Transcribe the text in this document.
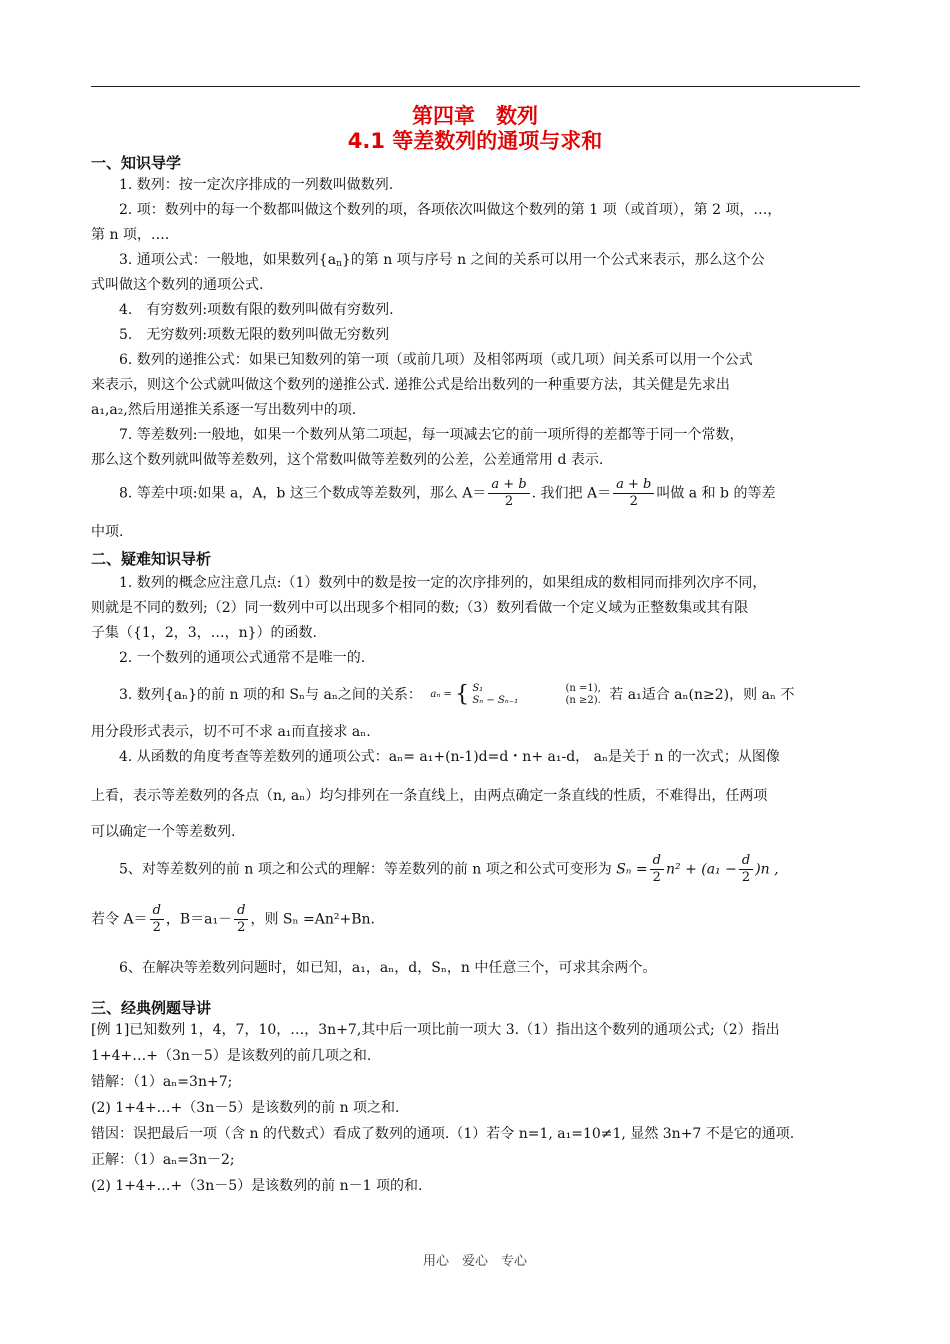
第四章　数列
4.1 等差数列的通项与求和
一、知识导学
1. 数列：按一定次序排成的一列数叫做数列.
2. 项：数列中的每一个数都叫做这个数列的项，各项依次叫做这个数列的第 1 项（或首项），第 2 项，…，
第 n 项，….
3. 通项公式：一般地，如果数列$\{a_n\}$的第 n 项与序号 n 之间的关系可以用一个公式来表示，那么这个公
式叫做这个数列的通项公式.
4.　有穷数列:项数有限的数列叫做有穷数列.
5.　无穷数列:项数无限的数列叫做无穷数列
6. 数列的递推公式：如果已知数列的第一项（或前几项）及相邻两项（或几项）间关系可以用一个公式
来表示，则这个公式就叫做这个数列的递推公式. 递推公式是给出数列的一种重要方法，其关健是先求出
a₁,a₂,然后用递推关系逐一写出数列中的项.
7. 等差数列:一般地，如果一个数列从第二项起，每一项减去它的前一项所得的差都等于同一个常数，
那么这个数列就叫做等差数列，这个常数叫做等差数列的公差，公差通常用 d 表示.
8. 等差中项:如果 a，A，b 这三个数成等差数列，那么 $A= \frac{a + b}{2}$ . 我们把 $A= \frac{a + b}{2}$ 叫做 a 和 b 的等差
中项.
二、疑难知识导析
1. 数列的概念应注意几点:（1）数列中的数是按一定的次序排列的，如果组成的数相同而排列次序不同，
则就是不同的数列;（2）同一数列中可以出现多个相同的数;（3）数列看做一个定义域为正整数集或其有限
子集（{1，2，3，…，n}）的函数.
2. 一个数列的通项公式通常不是唯一的.
3. 数列{aₙ}的前 n 项的和 Sₙ与 aₙ之间的关系： aₙ = { S₁
Sₙ − Sₙ₋₁

(n =1),
(n ≥2). 若 a₁适合 aₙ(n≥2)，则 aₙ 不
用分段形式表示，切不可不求 a₁而直接求 aₙ.
4. 从函数的角度考查等差数列的通项公式：aₙ= a₁+(n-1)d=d・n+ a₁-d， aₙ是关于 n 的一次式；从图像
上看，表示等差数列的各点（n, aₙ）均匀排列在一条直线上，由两点确定一条直线的性质，不难得出，任两项
可以确定一个等差数列.
5、对等差数列的前 n 项之和公式的理解：等差数列的前 n 项之和公式可变形为 $S_n = \frac{d}{2} n^2 + (a_1 - \frac{d}{2} )n$ ,
若令 $A= \frac{d}{2}$ ，$B=a_1- \frac{d}{2}$ ，则 Sₙ =An²+Bn.
6、在解决等差数列问题时，如已知，a₁，aₙ，d，Sₙ，n 中任意三个，可求其余两个。
三、经典例题导讲
[例 1]已知数列 1，4，7，10，…，3n+7,其中后一项比前一项大 3.（1）指出这个数列的通项公式;（2）指出
1+4+…+（3n－5）是该数列的前几项之和.
错解：（1）aₙ=3n+7;
(2) 1+4+…+（3n－5）是该数列的前 n 项之和.
错因：误把最后一项（含 n 的代数式）看成了数列的通项.（1）若令 n=1, a₁=10≠1, 显然 3n+7 不是它的通项.
正解：（1）aₙ=3n－2;
(2) 1+4+…+（3n－5）是该数列的前 n－1 项的和.
用心　爱心　专心
